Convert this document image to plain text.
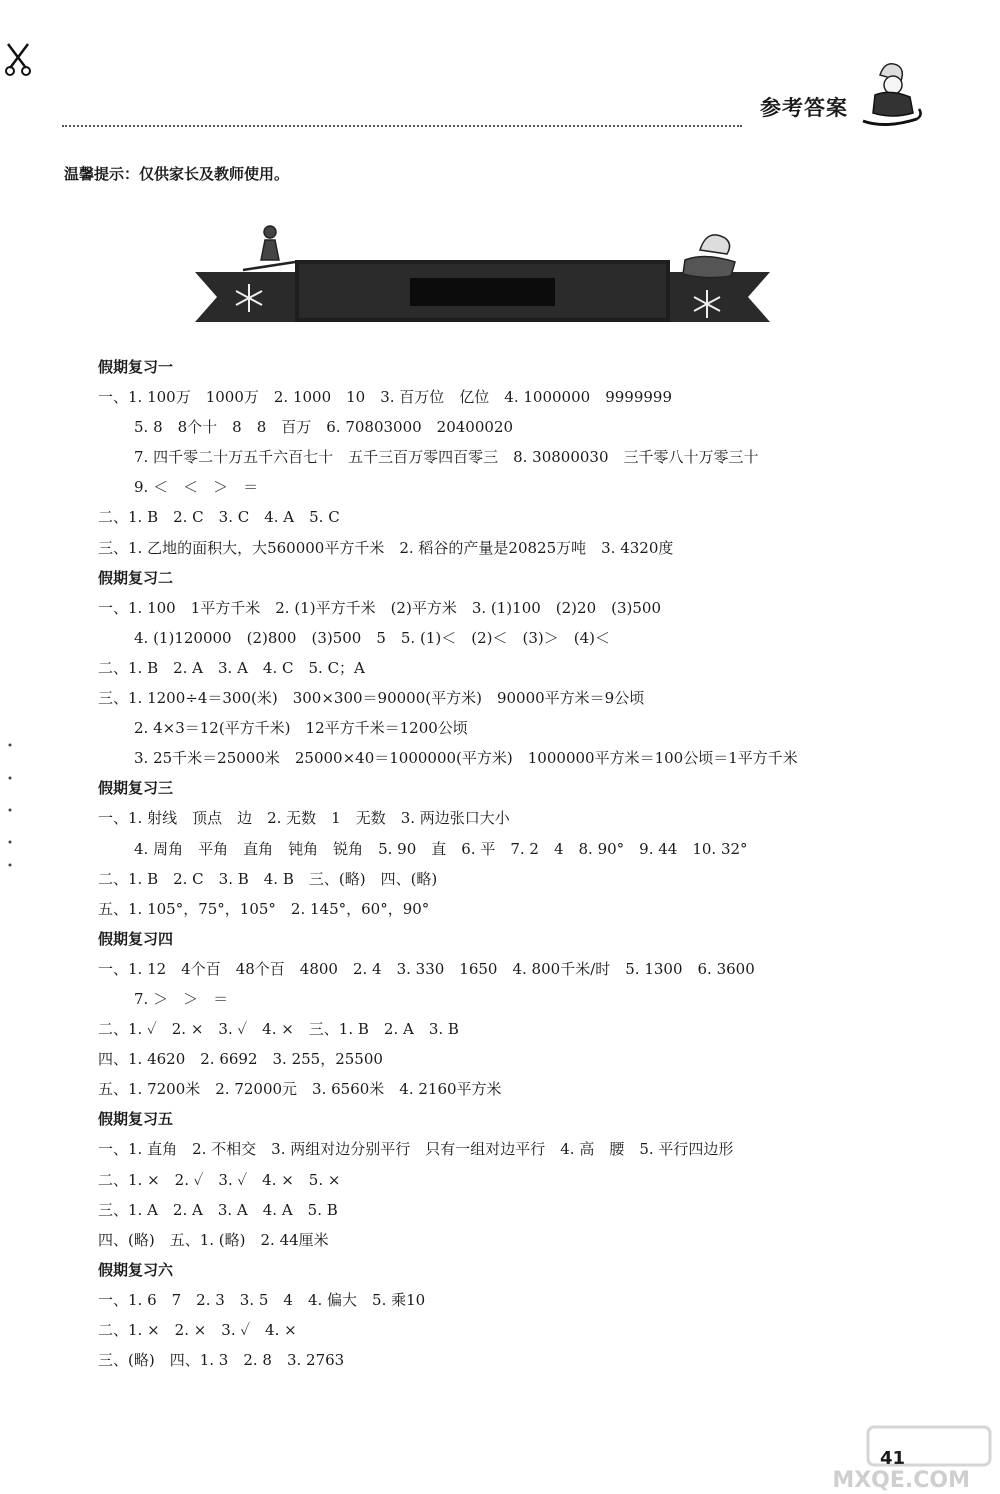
参考答案
温馨提示：仅供家长及教师使用。
假期复习一
一、1. 100万　1000万　2. 1000　10　3. 百万位　亿位　4. 1000000　9999999
5. 8　8个十　8　8　百万　6. 70803000　20400020
7. 四千零二十万五千六百七十　五千三百万零四百零三　8. 30800030　三千零八十万零三十
9. ＜　＜　＞　＝
二、1. B　2. C　3. C　4. A　5. C
三、1. 乙地的面积大，大560000平方千米　2. 稻谷的产量是20825万吨　3. 4320度
假期复习二
一、1. 100　1平方千米　2. (1)平方千米　(2)平方米　3. (1)100　(2)20　(3)500
4. (1)120000　(2)800　(3)500　5　5. (1)＜　(2)＜　(3)＞　(4)＜
二、1. B　2. A　3. A　4. C　5. C；A
三、1. 1200÷4＝300(米)　300×300＝90000(平方米)　90000平方米＝9公顷
2. 4×3＝12(平方千米)　12平方千米＝1200公顷
3. 25千米＝25000米　25000×40＝1000000(平方米)　1000000平方米＝100公顷＝1平方千米
假期复习三
一、1. 射线　顶点　边　2. 无数　1　无数　3. 两边张口大小
4. 周角　平角　直角　钝角　锐角　5. 90　直　6. 平　7. 2　4　8. 90°　9. 44　10. 32°
二、1. B　2. C　3. B　4. B　三、(略)　四、(略)
五、1. 105°，75°，105°　2. 145°，60°，90°
假期复习四
一、1. 12　4个百　48个百　4800　2. 4　3. 330　1650　4. 800千米/时　5. 1300　6. 3600
7. ＞　＞　＝
二、1. ✓　2. ×　3. ✓　4. ×　三、1. B　2. A　3. B
四、1. 4620　2. 6692　3. 255，25500
五、1. 7200米　2. 72000元　3. 6560米　4. 2160平方米
假期复习五
一、1. 直角　2. 不相交　3. 两组对边分别平行　只有一组对边平行　4. 高　腰　5. 平行四边形
二、1. ×　2. ✓　3. ✓　4. ×　5. ×
三、1. A　2. A　3. A　4. A　5. B
四、(略)　五、1. (略)　2. 44厘米
假期复习六
一、1. 6　7　2. 3　3. 5　4　4. 偏大　5. 乘10
二、1. ×　2. ×　3. ✓　4. ×
三、(略)　四、1. 3　2. 8　3. 2763
41
MXQE.COM
